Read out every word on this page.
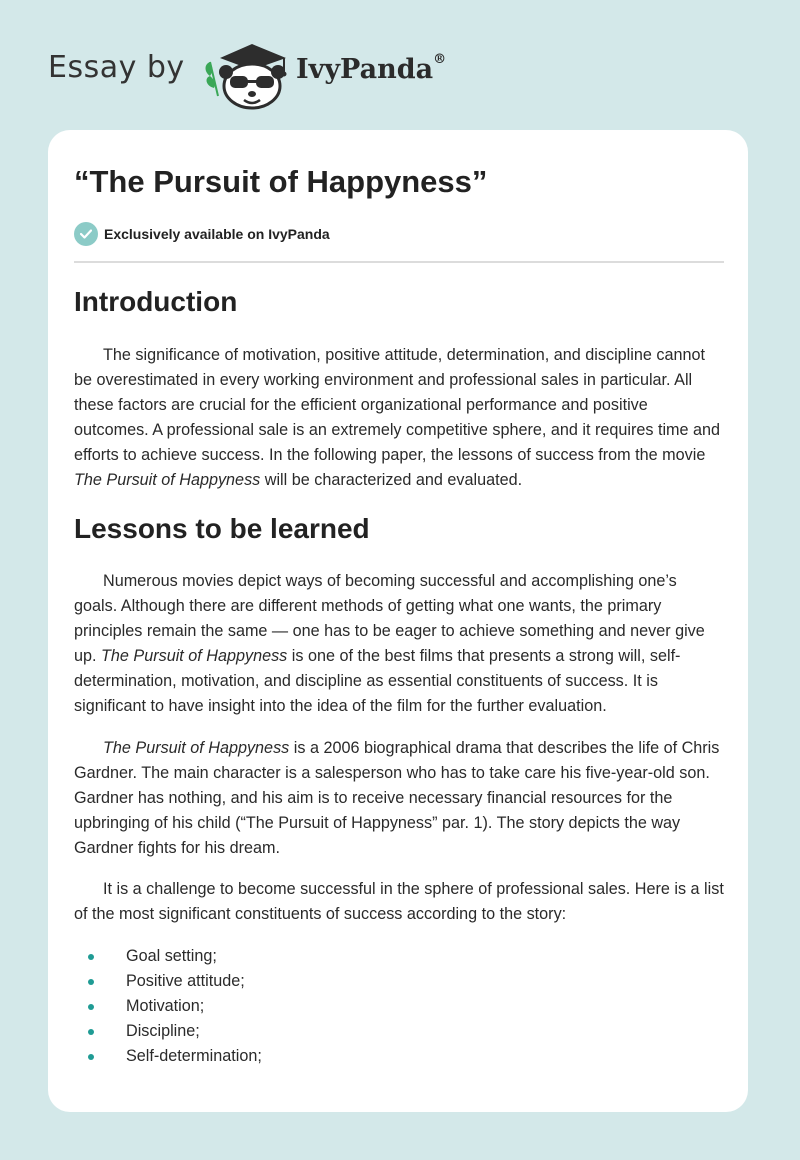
Essay by	IvyPanda®
“The Pursuit of Happyness”
Exclusively available on IvyPanda
Introduction

The significance of motivation, positive attitude, determination, and discipline cannot be overestimated in every working environment and professional sales in particular. All these factors are crucial for the efficient organizational performance and positive outcomes. A professional sale is an extremely competitive sphere, and it requires time and efforts to achieve success. In the following paper, the lessons of success from the movie The Pursuit of Happyness will be characterized and evaluated.

Lessons to be learned

Numerous movies depict ways of becoming successful and accomplishing one’s goals. Although there are different methods of getting what one wants, the primary principles remain the same — one has to be eager to achieve something and never give up. The Pursuit of Happyness is one of the best films that presents a strong will, self-determination, motivation, and discipline as essential constituents of success. It is significant to have insight into the idea of the film for the further evaluation.

The Pursuit of Happyness is a 2006 biographical drama that describes the life of Chris Gardner. The main character is a salesperson who has to take care his five-year-old son. Gardner has nothing, and his aim is to receive necessary financial resources for the upbringing of his child (“The Pursuit of Happyness” par. 1). The story depicts the way Gardner fights for his dream.

It is a challenge to become successful in the sphere of professional sales. Here is a list of the most significant constituents of success according to the story:

Goal setting;
Positive attitude;
Motivation;
Discipline;
Self-determination;
